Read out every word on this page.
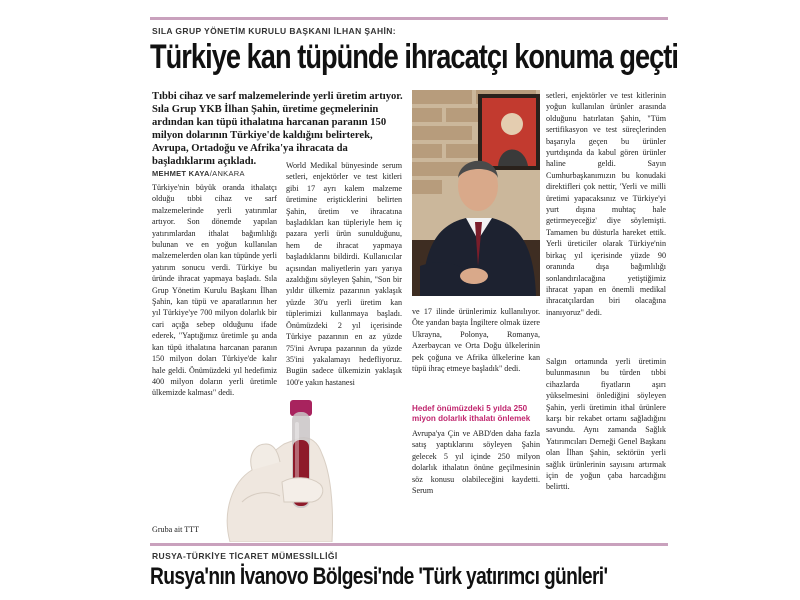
SILA GRUP YÖNETİM KURULU BAŞKANI İLHAN ŞAHİN:
Türkiye kan tüpünde ihracatçı konuma geçti
Tıbbi cihaz ve sarf malzemelerinde yerli üretim artıyor. Sıla Grup YKB İlhan Şahin, üretime geçmelerinin ardından kan tüpü ithalatına harcanan paranın 150 milyon dolarının Türkiye'de kaldığını belirterek, Avrupa, Ortadoğu ve Afrika'ya ihracata da başladıklarını açıkladı.
MEHMET KAYA/ANKARA
Türkiye'nin büyük oranda ithalatçı olduğu tıbbi cihaz ve sarf malzemelerinde yerli yatırımlar artıyor. Son dönemde yapılan yatırımlardan ithalat bağımlılığı bulunan ve en yoğun kullanılan malzemelerden olan kan tüpünde yerli yatırım sonucu verdi. Türkiye bu üründe ihracat yapmaya başladı. Sıla Grup Yönetim Kurulu Başkanı İlhan Şahin, kan tüpü ve aparatlarının her yıl Türkiye'ye 700 milyon dolarlık bir cari açığa sebep olduğunu ifade ederek, "Yaptığımız üretimle şu anda kan tüpü ithalatına harcanan paranın 150 milyon doları Türkiye'de kalır hale geldi. Önümüzdeki yıl hedefimiz 400 milyon doların yerli üretimle ülkemizde kalması" dedi.
Gruba ait TTT
World Medikal bünyesinde serum setleri, enjektörler ve test kitleri gibi 17 ayrı kalem malzeme üretimine erişticklerini belirten Şahin, üretim ve ihracatına başladıkları kan tüpleriyle hem iç pazara yerli ürün sunulduğunu, hem de ihracat yapmaya başladıklarını bildirdi. Kullanıcılar açısından maliyetlerin yarı yarıya azaldığını söyleyen Şahin, "Son bir yıldır ülkemiz pazarının yaklaşık yüzde 30'u yerli üretim kan tüplerimizi kullanmaya başladı. Önümüzdeki 2 yıl içerisinde Türkiye pazarının en az yüzde 75'ini Avrupa pazarının da yüzde 35'ini yakalamayı hedefliyoruz. Bugün sadece ülkemizin yaklaşık 100'e yakın hastanesi
ve 17 ilinde ürünlerimiz kullanılıyor. Öte yandan başta İngiltere olmak üzere Ukrayna, Polonya, Romanya, Azerbaycan ve Orta Doğu ülkelerinin pek çoğuna ve Afrika ülkelerine kan tüpü ihraç etmeye başladık" dedi.
Hedef önümüzdeki 5 yılda 250 miyon dolarlık ithalatı önlemek
Avrupa'ya Çin ve ABD'den daha fazla satış yaptıklarını söyleyen Şahin gelecek 5 yıl içinde 250 milyon dolarlık ithalatın önüne geçilmesinin söz konusu olabileceğini kaydetti. Serum
setleri, enjektörler ve test kitlerinin yoğun kullanılan ürünler arasında olduğunu hatırlatan Şahin, "Tüm sertifikasyon ve test süreçlerinden başarıyla geçen bu ürünler yurtdışında da kabul gören ürünler haline geldi. Sayın Cumhurbaşkanımızın bu konudaki direktifleri çok nettir, 'Yerli ve milli üretimi yapacaksınız ve Türkiye'yi yurt dışına muhtaç hale getirmeyeceğiz' diye söylemişti. Tamamen bu düsturla hareket ettik. Yerli üreticiler olarak Türkiye'nin birkaç yıl içerisinde yüzde 90 oranında dışa bağımlılığı sonlandırılacağına yetiştiğimiz ihracat yapan en önemli medikal ihracatçılardan biri olacağına inanıyoruz" dedi.
Salgın ortamında yerli üretimin bulunmasının bu türden tıbbi cihazlarda fiyatların aşırı yükselmesini önlediğini söyleyen Şahin, yerli üretimin ithal ürünlere karşı bir rekabet ortamı sağladığını savundu. Aynı zamanda Sağlık Yatırımcıları Derneği Genel Başkanı olan İlhan Şahin, sektörün yerli sağlık ürünlerinin sayısını artırmak için de yoğun çaba harcadığını belirtti.
RUSYA-TÜRKİYE TİCARET MÜMESSİLLİĞİ
Rusya'nın İvanovo Bölgesi'nde 'Türk yatırımcı günleri'
